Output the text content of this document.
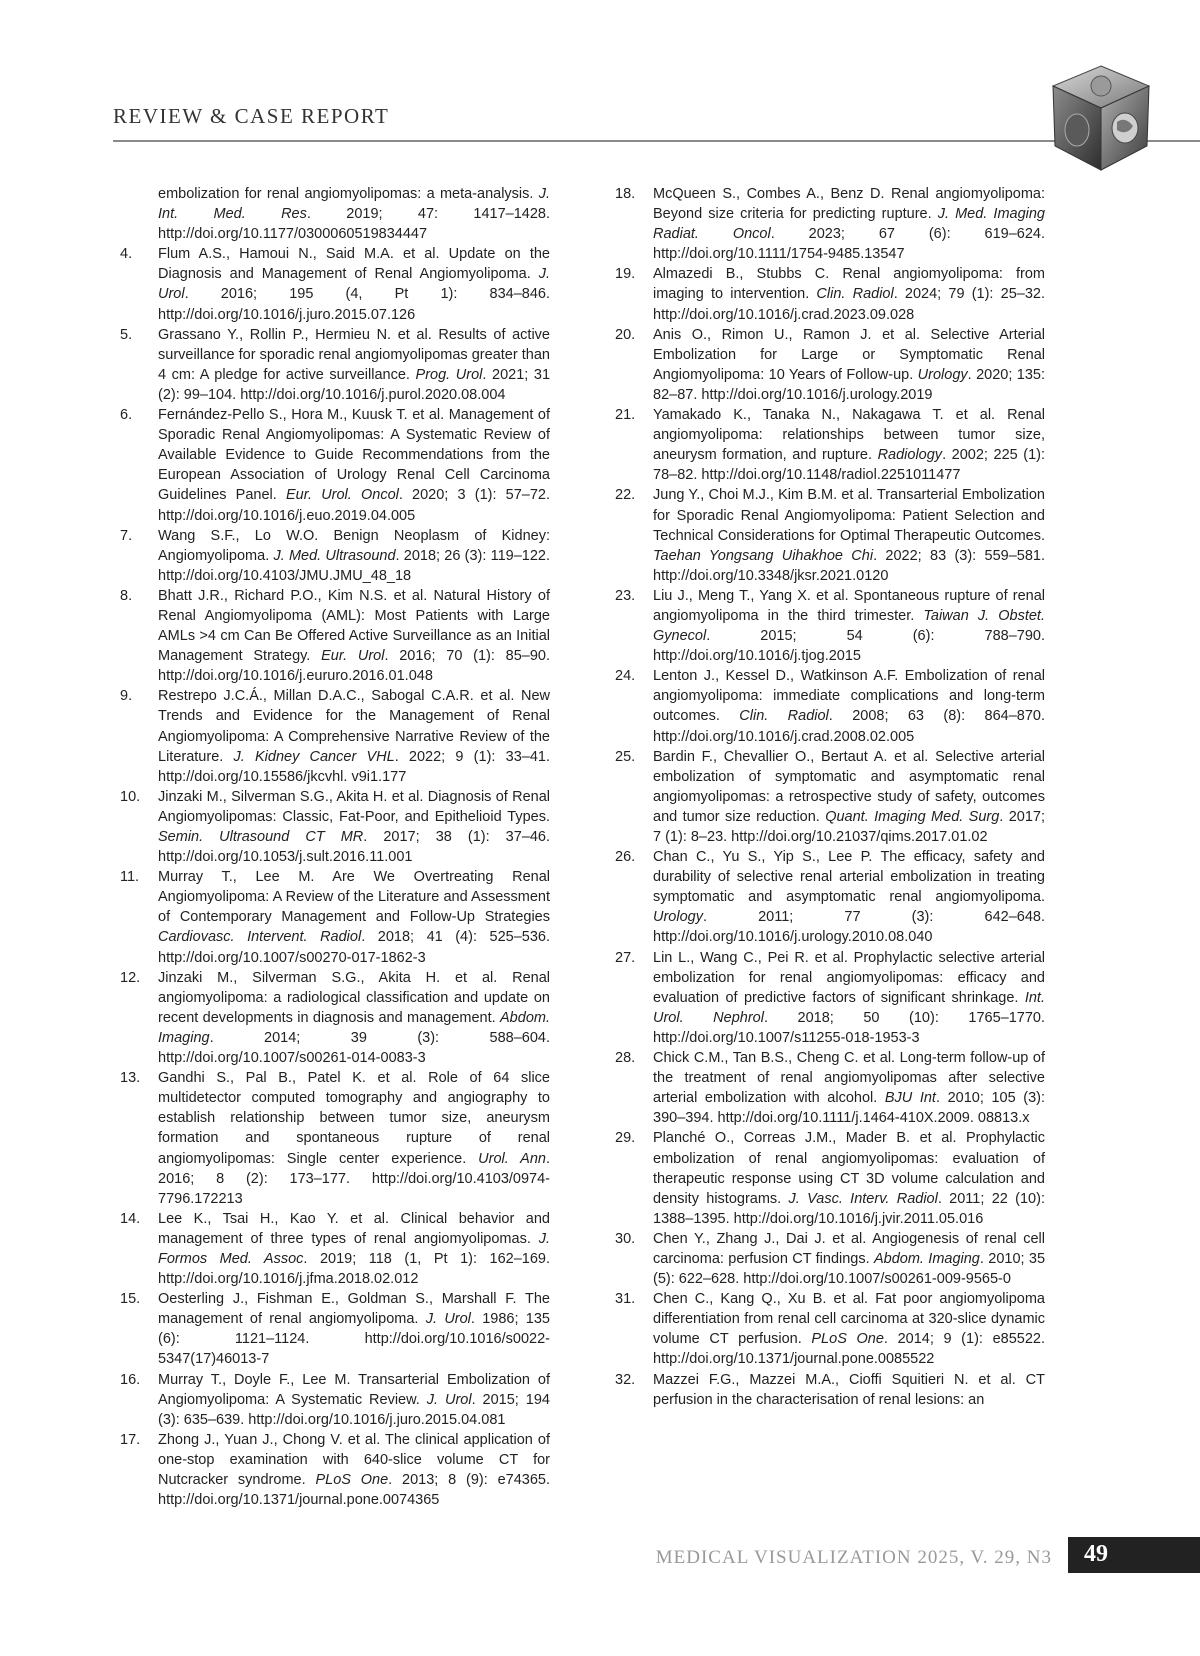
REVIEW & CASE REPORT

embolization for renal angiomyolipomas: a meta-analysis. J. Int. Med. Res. 2019; 47: 1417–1428. http://doi.org/10.1177/0300060519834447

4. Flum A.S., Hamoui N., Said M.A. et al. Update on the Diagnosis and Management of Renal Angiomyolipoma. J. Urol. 2016; 195 (4, Pt 1): 834–846. http://doi.org/10.1016/j.juro.2015.07.126

5. Grassano Y., Rollin P., Hermieu N. et al. Results of active surveillance for sporadic renal angiomyolipomas greater than 4 cm: A pledge for active surveillance. Prog. Urol. 2021; 31 (2): 99–104. http://doi.org/10.1016/j.purol.2020.08.004

6. Fernández-Pello S., Hora M., Kuusk T. et al. Management of Sporadic Renal Angiomyolipomas: A Systematic Review of Available Evidence to Guide Recommendations from the European Association of Urology Renal Cell Carcinoma Guidelines Panel. Eur. Urol. Oncol. 2020; 3 (1): 57–72. http://doi.org/10.1016/j.euo.2019.04.005

7. Wang S.F., Lo W.O. Benign Neoplasm of Kidney: Angiomyolipoma. J. Med. Ultrasound. 2018; 26 (3): 119–122. http://doi.org/10.4103/JMU.JMU_48_18

8. Bhatt J.R., Richard P.O., Kim N.S. et al. Natural History of Renal Angiomyolipoma (AML): Most Patients with Large AMLs >4 cm Can Be Offered Active Surveillance as an Initial Management Strategy. Eur. Urol. 2016; 70 (1): 85–90. http://doi.org/10.1016/j.eururo.2016.01.048

9. Restrepo J.C.Á., Millan D.A.C., Sabogal C.A.R. et al. New Trends and Evidence for the Management of Renal Angiomyolipoma: A Comprehensive Narrative Review of the Literature. J. Kidney Cancer VHL. 2022; 9 (1): 33–41. http://doi.org/10.15586/jkcvhl. v9i1.177

10. Jinzaki M., Silverman S.G., Akita H. et al. Diagnosis of Renal Angiomyolipomas: Classic, Fat-Poor, and Epithelioid Types. Semin. Ultrasound CT MR. 2017; 38 (1): 37–46. http://doi.org/10.1053/j.sult.2016.11.001

11. Murray T., Lee M. Are We Overtreating Renal Angiomyolipoma: A Review of the Literature and Assessment of Contemporary Management and Follow-Up Strategies Cardiovasc. Intervent. Radiol. 2018; 41 (4): 525–536. http://doi.org/10.1007/s00270-017-1862-3

12. Jinzaki M., Silverman S.G., Akita H. et al. Renal angiomyolipoma: a radiological classification and update on recent developments in diagnosis and management. Abdom. Imaging. 2014; 39 (3): 588–604. http://doi.org/10.1007/s00261-014-0083-3

13. Gandhi S., Pal B., Patel K. et al. Role of 64 slice multidetector computed tomography and angiography to establish relationship between tumor size, aneurysm formation and spontaneous rupture of renal angiomyolipomas: Single center experience. Urol. Ann. 2016; 8 (2): 173–177. http://doi.org/10.4103/0974-7796.172213

14. Lee K., Tsai H., Kao Y. et al. Clinical behavior and management of three types of renal angiomyolipomas. J. Formos Med. Assoc. 2019; 118 (1, Pt 1): 162–169. http://doi.org/10.1016/j.jfma.2018.02.012

15. Oesterling J., Fishman E., Goldman S., Marshall F. The management of renal angiomyolipoma. J. Urol. 1986; 135 (6): 1121–1124. http://doi.org/10.1016/s0022-5347(17)46013-7

16. Murray T., Doyle F., Lee M. Transarterial Embolization of Angiomyolipoma: A Systematic Review. J. Urol. 2015; 194 (3): 635–639. http://doi.org/10.1016/j.juro.2015.04.081

17. Zhong J., Yuan J., Chong V. et al. The clinical application of one-stop examination with 640-slice volume CT for Nutcracker syndrome. PLoS One. 2013; 8 (9): e74365. http://doi.org/10.1371/journal.pone.0074365

18. McQueen S., Combes A., Benz D. Renal angiomyolipoma: Beyond size criteria for predicting rupture. J. Med. Imaging Radiat. Oncol. 2023; 67 (6): 619–624. http://doi.org/10.1111/1754-9485.13547

19. Almazedi B., Stubbs C. Renal angiomyolipoma: from imaging to intervention. Clin. Radiol. 2024; 79 (1): 25–32. http://doi.org/10.1016/j.crad.2023.09.028

20. Anis O., Rimon U., Ramon J. et al. Selective Arterial Embolization for Large or Symptomatic Renal Angiomyolipoma: 10 Years of Follow-up. Urology. 2020; 135: 82–87. http://doi.org/10.1016/j.urology.2019

21. Yamakado K., Tanaka N., Nakagawa T. et al. Renal angiomyolipoma: relationships between tumor size, aneurysm formation, and rupture. Radiology. 2002; 225 (1): 78–82. http://doi.org/10.1148/radiol.2251011477

22. Jung Y., Choi M.J., Kim B.M. et al. Transarterial Embolization for Sporadic Renal Angiomyolipoma: Patient Selection and Technical Considerations for Optimal Therapeutic Outcomes. Taehan Yongsang Uihakhoe Chi. 2022; 83 (3): 559–581. http://doi.org/10.3348/jksr.2021.0120

23. Liu J., Meng T., Yang X. et al. Spontaneous rupture of renal angiomyolipoma in the third trimester. Taiwan J. Obstet. Gynecol. 2015; 54 (6): 788–790. http://doi.org/10.1016/j.tjog.2015

24. Lenton J., Kessel D., Watkinson A.F. Embolization of renal angiomyolipoma: immediate complications and long-term outcomes. Clin. Radiol. 2008; 63 (8): 864–870. http://doi.org/10.1016/j.crad.2008.02.005

25. Bardin F., Chevallier O., Bertaut A. et al. Selective arterial embolization of symptomatic and asymptomatic renal angiomyolipomas: a retrospective study of safety, outcomes and tumor size reduction. Quant. Imaging Med. Surg. 2017; 7 (1): 8–23. http://doi.org/10.21037/qims.2017.01.02

26. Chan C., Yu S., Yip S., Lee P. The efficacy, safety and durability of selective renal arterial embolization in treating symptomatic and asymptomatic renal angiomyolipoma. Urology. 2011; 77 (3): 642–648. http://doi.org/10.1016/j.urology.2010.08.040

27. Lin L., Wang C., Pei R. et al. Prophylactic selective arterial embolization for renal angiomyolipomas: efficacy and evaluation of predictive factors of significant shrinkage. Int. Urol. Nephrol. 2018; 50 (10): 1765–1770. http://doi.org/10.1007/s11255-018-1953-3

28. Chick C.M., Tan B.S., Cheng C. et al. Long-term follow-up of the treatment of renal angiomyolipomas after selective arterial embolization with alcohol. BJU Int. 2010; 105 (3): 390–394. http://doi.org/10.1111/j.1464-410X.2009. 08813.x

29. Planché O., Correas J.M., Mader B. et al. Prophylactic embolization of renal angiomyolipomas: evaluation of therapeutic response using CT 3D volume calculation and density histograms. J. Vasc. Interv. Radiol. 2011; 22 (10): 1388–1395. http://doi.org/10.1016/j.jvir.2011.05.016

30. Chen Y., Zhang J., Dai J. et al. Angiogenesis of renal cell carcinoma: perfusion CT findings. Abdom. Imaging. 2010; 35 (5): 622–628. http://doi.org/10.1007/s00261-009-9565-0

31. Chen C., Kang Q., Xu B. et al. Fat poor angiomyolipoma differentiation from renal cell carcinoma at 320-slice dynamic volume CT perfusion. PLoS One. 2014; 9 (1): e85522. http://doi.org/10.1371/journal.pone.0085522

32. Mazzei F.G., Mazzei M.A., Cioffi Squitieri N. et al. CT perfusion in the characterisation of renal lesions: an

MEDICAL VISUALIZATION 2025, V. 29, N3 49
